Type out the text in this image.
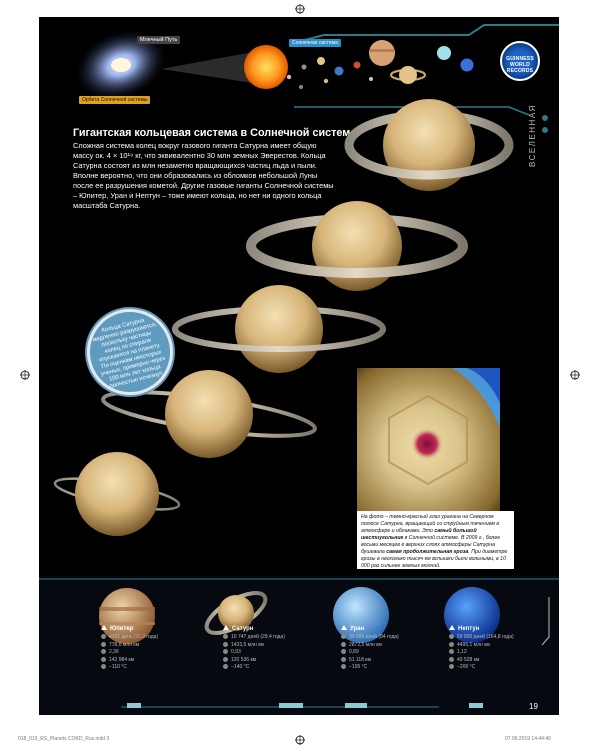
Млечный Путь	Солнечная система
Орбита Солнечной системы
GUINNESS WORLD RECORDS
ВСЕЛЕННАЯ
Гигантская кольцевая система в Солнечной системе
Сложная система колец вокруг газового гиганта Сатурна имеет общую массу ок. 4 × 10¹⁹ кг, что эквивалентно 30 млн земных Эверестов. Кольца Сатурна состоят из млн незаметно вращающихся частиц льда и пыли. Вполне вероятно, что они образовались из обломков небольшой Луны после ее разрушения кометой. Другие газовые гиганты Солнечной системы – Юпитер, Уран и Нептун – тоже имеют кольца, но нет ни одного кольца масштаба Сатурна.
Кольца Сатурна медленно разрушаются, поскольку частицы колец по спирали опускаются на планету. По оценкам некоторых ученых, примерно через 100 млн лет кольца полностью исчезнут.
На фото – темно-красный глаз урагана на Северном полюсе Сатурна, вращающий со струйным течением в атмосфере и облаками. Это самый большой шестиугольник в Солнечной системе. В 2009 г., более восьми месяцев в верхних слоях атмосферы Сатурна бушевала самая продолжительная гроза. При диаметре грозы в несколько тысяч км вспышки были вольными, в 10 000 раз сильнее земных молний.
Юпитер
4331 день (11,9 года)
778,6 млн км
2,36
142 984 км
−110 °C
Сатурн
10 747 дней (29,4 года)
1433,5 млн км
0,93
120 536 км
−140 °C
Уран
30 589 дней (84 года)
2872,5 млн км
0,89
51 118 км
−195 °C
Нептун
59 800 дней (164,8 года)
4495,1 млн км
1,12
49 528 км
−200 °C
19
018_019_RS_Planets COKD_Rus.indd 3	07.09.2019 14:44:40
